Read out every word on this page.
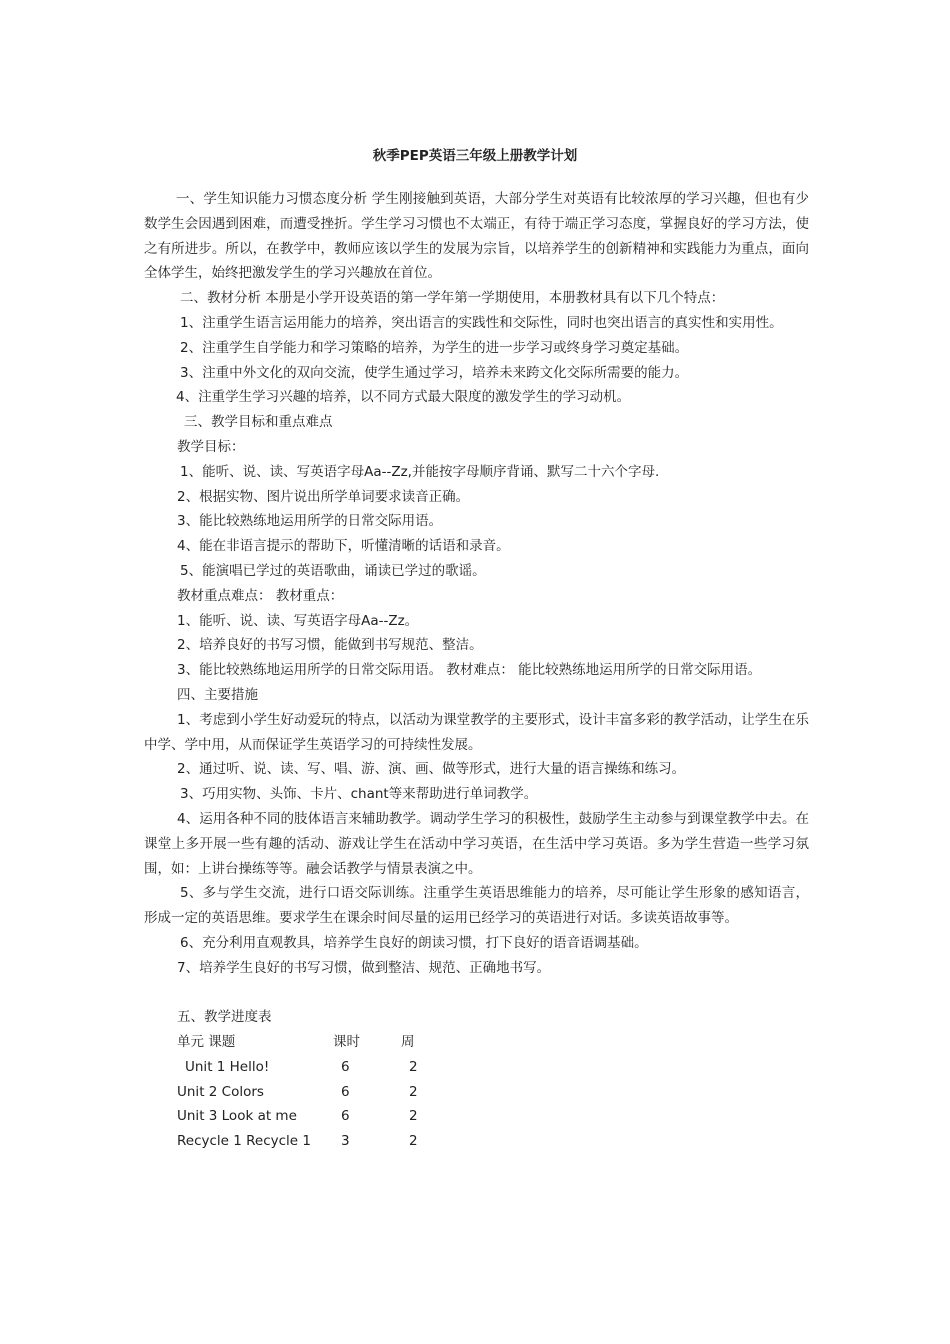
秋季PEP英语三年级上册教学计划

一、学生知识能力习惯态度分析 学生刚接触到英语，大部分学生对英语有比较浓厚的学习兴趣，但也有少数学生会因遇到困难，而遭受挫折。学生学习习惯也不太端正，有待于端正学习态度，掌握良好的学习方法，使之有所进步。所以，在教学中，教师应该以学生的发展为宗旨，以培养学生的创新精神和实践能力为重点，面向全体学生，始终把激发学生的学习兴趣放在首位。

二、教材分析 本册是小学开设英语的第一学年第一学期使用，本册教材具有以下几个特点：

1、注重学生语言运用能力的培养，突出语言的实践性和交际性，同时也突出语言的真实性和实用性。

2、注重学生自学能力和学习策略的培养，为学生的进一步学习或终身学习奠定基础。

3、注重中外文化的双向交流，使学生通过学习，培养未来跨文化交际所需要的能力。

4、注重学生学习兴趣的培养，以不同方式最大限度的激发学生的学习动机。

三、教学目标和重点难点

教学目标：

1、能听、说、读、写英语字母Aa--Zz,并能按字母顺序背诵、默写二十六个字母.

2、根据实物、图片说出所学单词要求读音正确。

3、能比较熟练地运用所学的日常交际用语。

4、能在非语言提示的帮助下，听懂清晰的话语和录音。

5、能演唱已学过的英语歌曲，诵读已学过的歌谣。

教材重点难点： 教材重点：

1、能听、说、读、写英语字母Aa--Zz。

2、培养良好的书写习惯，能做到书写规范、整洁。

3、能比较熟练地运用所学的日常交际用语。 教材难点： 能比较熟练地运用所学的日常交际用语。

四、主要措施

1、考虑到小学生好动爱玩的特点，以活动为课堂教学的主要形式，设计丰富多彩的教学活动，让学生在乐中学、学中用，从而保证学生英语学习的可持续性发展。

2、通过听、说、读、写、唱、游、演、画、做等形式，进行大量的语言操练和练习。

3、巧用实物、头饰、卡片、chant等来帮助进行单词教学。

4、运用各种不同的肢体语言来辅助教学。调动学生学习的积极性，鼓励学生主动参与到课堂教学中去。在课堂上多开展一些有趣的活动、游戏让学生在活动中学习英语，在生活中学习英语。多为学生营造一些学习氛围，如：上讲台操练等等。融会话教学与情景表演之中。

5、多与学生交流，进行口语交际训练。注重学生英语思维能力的培养，尽可能让学生形象的感知语言，形成一定的英语思维。要求学生在课余时间尽量的运用已经学习的英语进行对话。多读英语故事等。

6、充分利用直观教具，培养学生良好的朗读习惯，打下良好的语音语调基础。

7、培养学生良好的书写习惯，做到整洁、规范、正确地书写。

五、教学进度表

单元 课题	课时	周
Unit 1 Hello!	6	2
Unit 2 Colors	6	2
Unit 3 Look at me	6	2
Recycle 1 Recycle 1	3	2
